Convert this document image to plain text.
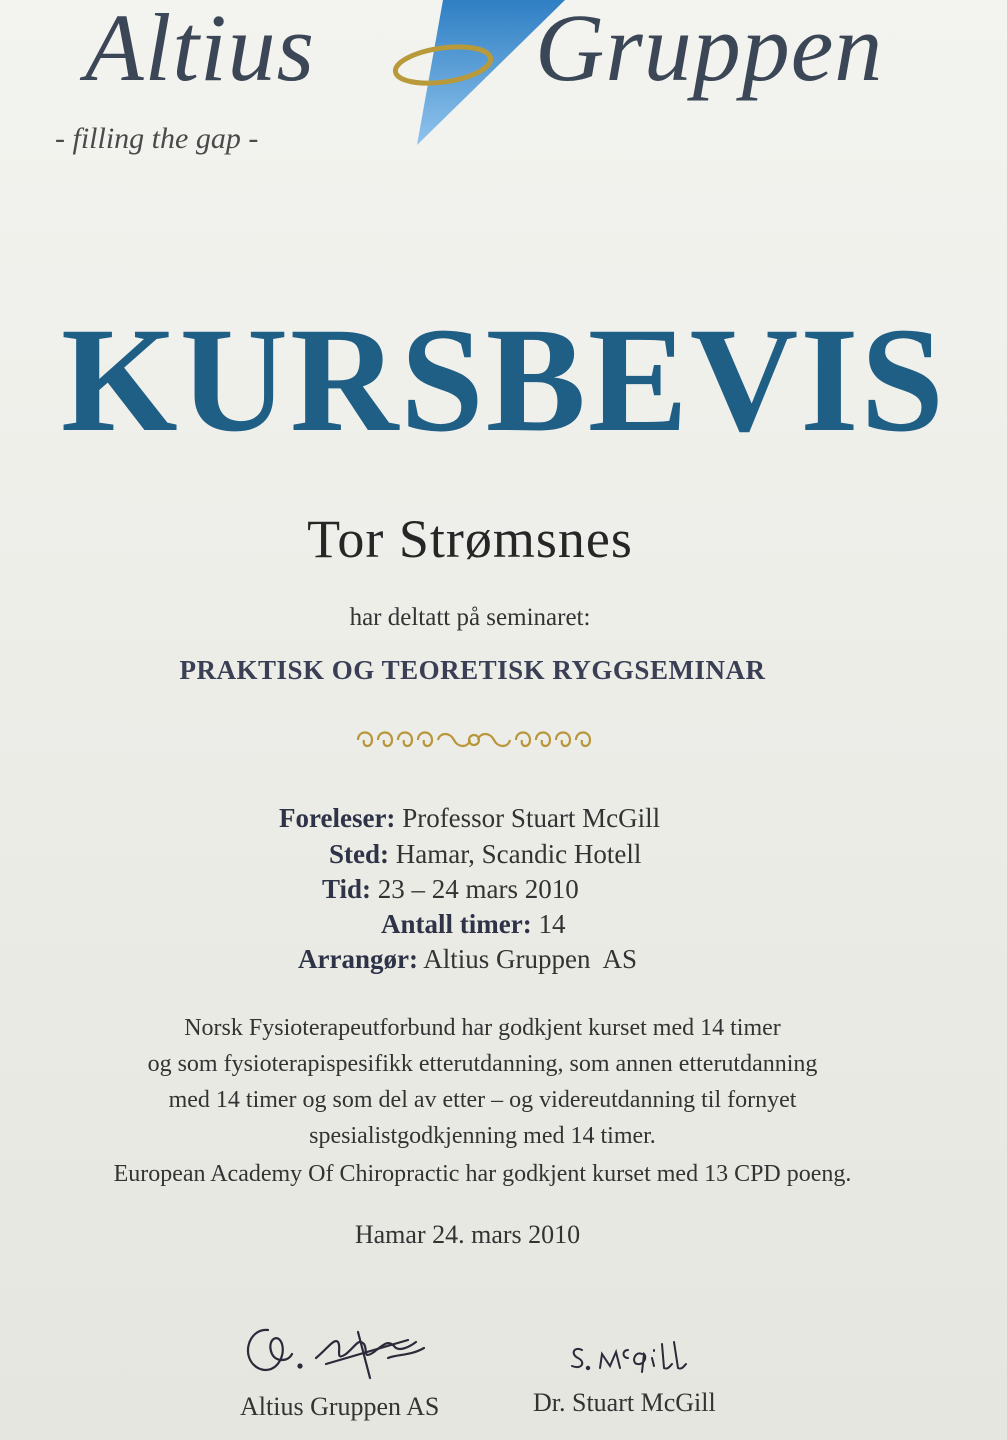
Altius Gruppen
- filling the gap -
KURSBEVIS
Tor Strømsnes
har deltatt på seminaret:
PRAKTISK OG TEORETISK RYGGSEMINAR
Foreleser: Professor Stuart McGill
Sted: Hamar, Scandic Hotell
Tid: 23 – 24 mars 2010
Antall timer: 14
Arrangør: Altius Gruppen  AS

Norsk Fysioterapeutforbund har godkjent kurset med 14 timer

og som fysioterapispesifikk etterutdanning, som annen etterutdanning

med 14 timer og som del av etter – og videreutdanning til fornyet

spesialistgodkjenning med 14 timer.

European Academy Of Chiropractic har godkjent kurset med 13 CPD poeng.

Hamar 24. mars 2010
Altius Gruppen AS	Dr. Stuart McGill
